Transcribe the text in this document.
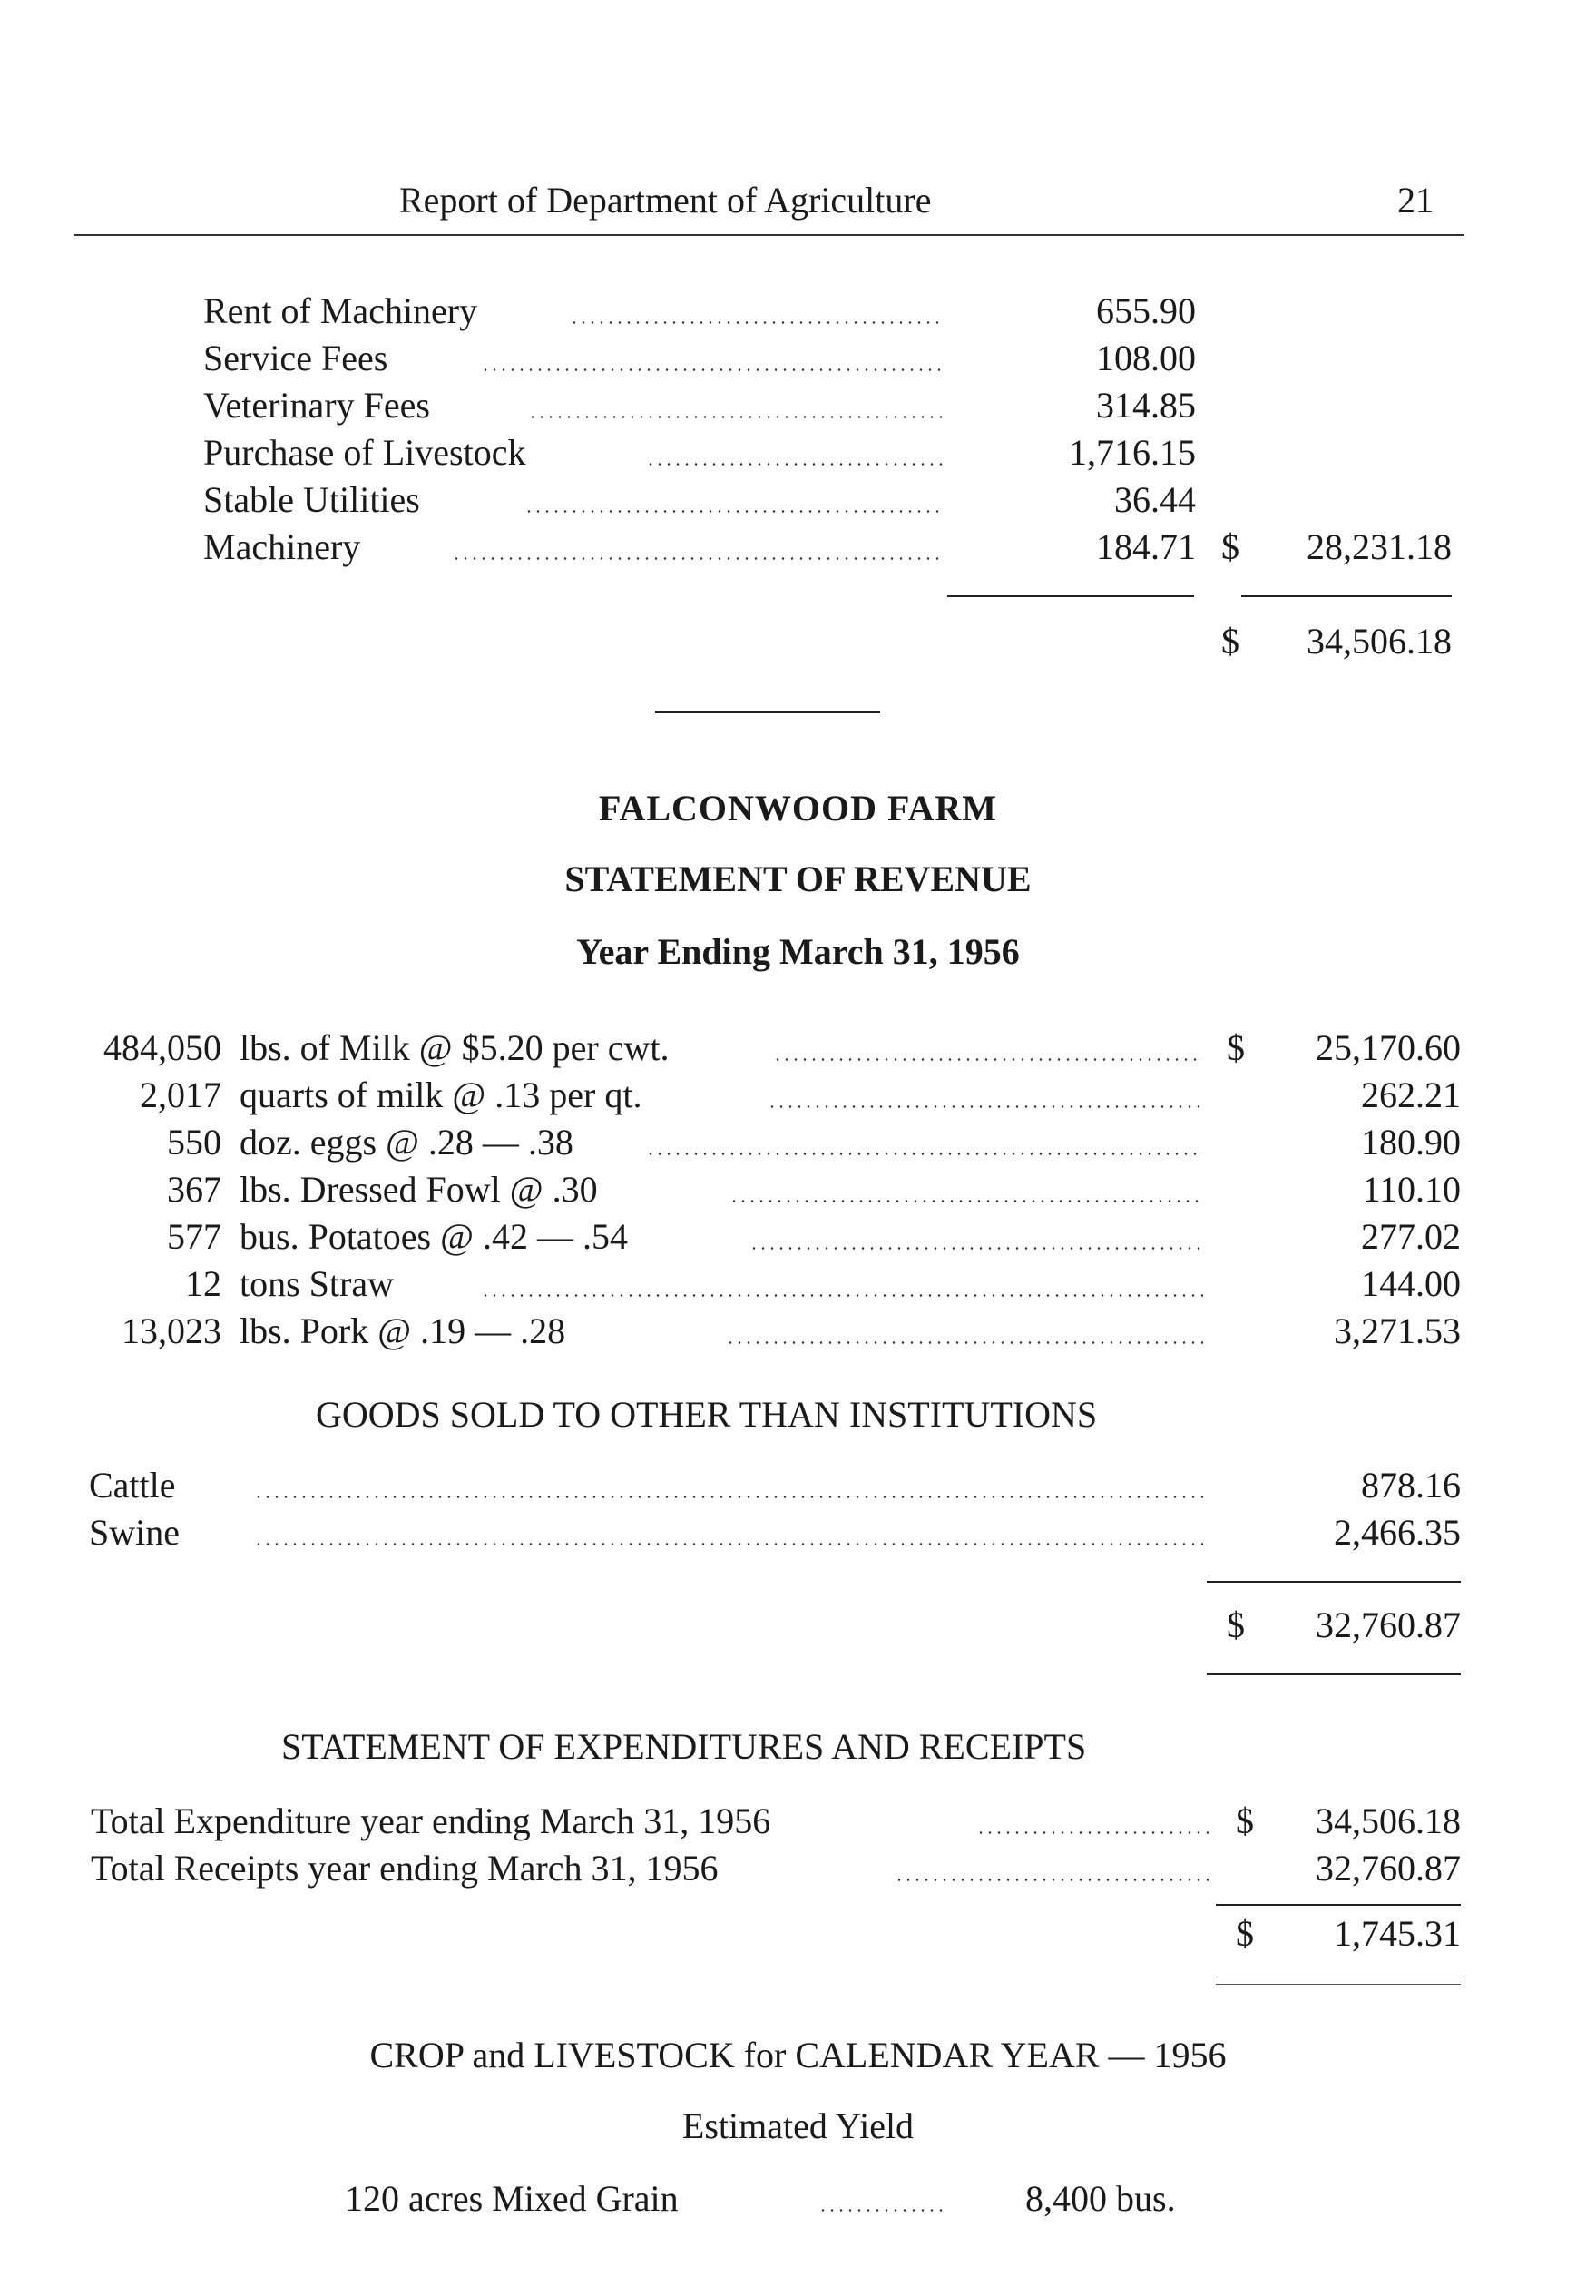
Report of Department of Agriculture	21
Rent of Machinery	655.90
Service Fees	108.00
Veterinary Fees	314.85
Purchase of Livestock	1,716.15
Stable Utilities	36.44
Machinery	184.71 $	28,231.18
$	34,506.18
FALCONWOOD FARM
STATEMENT OF REVENUE
Year Ending March 31, 1956
484,050 lbs. of Milk @ $5.20 per cwt.	$	25,170.60
2,017 quarts of milk @ .13 per qt.	262.21
550 doz. eggs @ .28 — .38	180.90
367 lbs. Dressed Fowl @ .30	110.10
577 bus. Potatoes @ .42 — .54	277.02
12 tons Straw	144.00
13,023 lbs. Pork @ .19 — .28	3,271.53
GOODS SOLD TO OTHER THAN INSTITUTIONS
Cattle	878.16
Swine	2,466.35
$	32,760.87
STATEMENT OF EXPENDITURES AND RECEIPTS
Total Expenditure year ending March 31, 1956	$	34,506.18
Total Receipts year ending March 31, 1956	32,760.87
$	1,745.31
CROP and LIVESTOCK for CALENDAR YEAR — 1956
Estimated Yield
120 acres Mixed Grain	8,400 bus.
